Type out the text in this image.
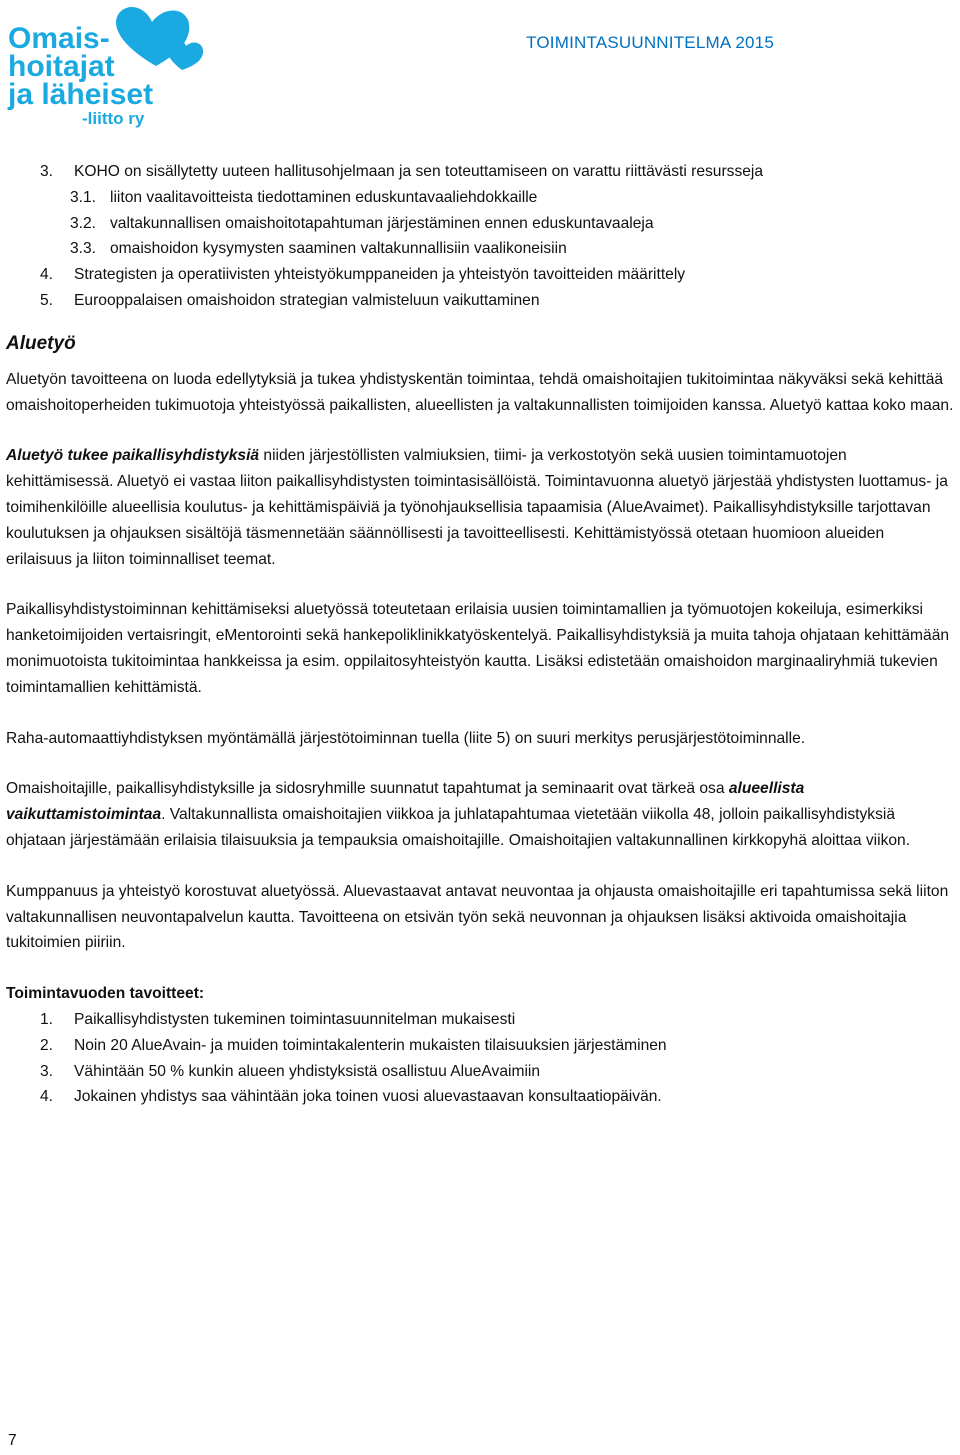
Omais-
hoitajat
ja läheiset
-liitto ry
TOIMINTASUUNNITELMA 2015
3.	KOHO on sisällytetty uuteen hallitusohjelmaan ja sen toteuttamiseen on varattu riittävästi resursseja
3.1. liiton vaalitavoitteista tiedottaminen eduskuntavaaliehdokkaille
3.2. valtakunnallisen omaishoitotapahtuman järjestäminen ennen eduskuntavaaleja
3.3. omaishoidon kysymysten saaminen valtakunnallisiin vaalikoneisiin
4.	Strategisten ja operatiivisten yhteistyökumppaneiden ja yhteistyön tavoitteiden määrittely
5.	Eurooppalaisen omaishoidon strategian valmisteluun vaikuttaminen
Aluetyö

Aluetyön tavoitteena on luoda edellytyksiä ja tukea yhdistyskentän toimintaa, tehdä omaishoitajien tukitoimintaa näkyväksi sekä kehittää omaishoitoperheiden tukimuotoja yhteistyössä paikallisten, alueellisten ja valtakunnallisten toimijoiden kanssa. Aluetyö kattaa koko maan.

Aluetyö tukee paikallisyhdistyksiä niiden järjestöllisten valmiuksien, tiimi- ja verkostotyön sekä uusien toimintamuotojen kehittämisessä. Aluetyö ei vastaa liiton paikallisyhdistysten toimintasisällöistä. Toimintavuonna aluetyö järjestää yhdistysten luottamus- ja toimihenkilöille alueellisia koulutus- ja kehittämispäiviä ja työnohjauksellisia tapaamisia (AlueAvaimet). Paikallisyhdistyksille tarjottavan koulutuksen ja ohjauksen sisältöjä täsmennetään säännöllisesti ja tavoitteellisesti. Kehittämistyössä otetaan huomioon alueiden erilaisuus ja liiton toiminnalliset teemat.

Paikallisyhdistystoiminnan kehittämiseksi aluetyössä toteutetaan erilaisia uusien toimintamallien ja työmuotojen kokeiluja, esimerkiksi hanketoimijoiden vertaisringit, eMentorointi sekä hankepoliklinikkatyöskentelyä. Paikallisyhdistyksiä ja muita tahoja ohjataan kehittämään monimuotoista tukitoimintaa hankkeissa ja esim. oppilaitosyhteistyön kautta. Lisäksi edistetään omaishoidon marginaaliryhmiä tukevien toimintamallien kehittämistä.

Raha-automaattiyhdistyksen myöntämällä järjestötoiminnan tuella (liite 5) on suuri merkitys perusjärjestötoiminnalle.

Omaishoitajille, paikallisyhdistyksille ja sidosryhmille suunnatut tapahtumat ja seminaarit ovat tärkeä osa alueellista vaikuttamistoimintaa. Valtakunnallista omaishoitajien viikkoa ja juhlatapahtumaa vietetään viikolla 48, jolloin paikallisyhdistyksiä ohjataan järjestämään erilaisia tilaisuuksia ja tempauksia omaishoitajille. Omaishoitajien valtakunnallinen kirkkopyhä aloittaa viikon.

Kumppanuus ja yhteistyö korostuvat aluetyössä. Aluevastaavat antavat neuvontaa ja ohjausta omaishoitajille eri tapahtumissa sekä liiton valtakunnallisen neuvontapalvelun kautta. Tavoitteena on etsivän työn sekä neuvonnan ja ohjauksen lisäksi aktivoida omaishoitajia tukitoimien piiriin.

Toimintavuoden tavoitteet:
1.	Paikallisyhdistysten tukeminen toimintasuunnitelman mukaisesti
2.	Noin 20 AlueAvain- ja muiden toimintakalenterin mukaisten tilaisuuksien järjestäminen
3.	Vähintään 50 % kunkin alueen yhdistyksistä osallistuu AlueAvaimiin
4.	Jokainen yhdistys saa vähintään joka toinen vuosi aluevastaavan konsultaatiopäivän.
7
